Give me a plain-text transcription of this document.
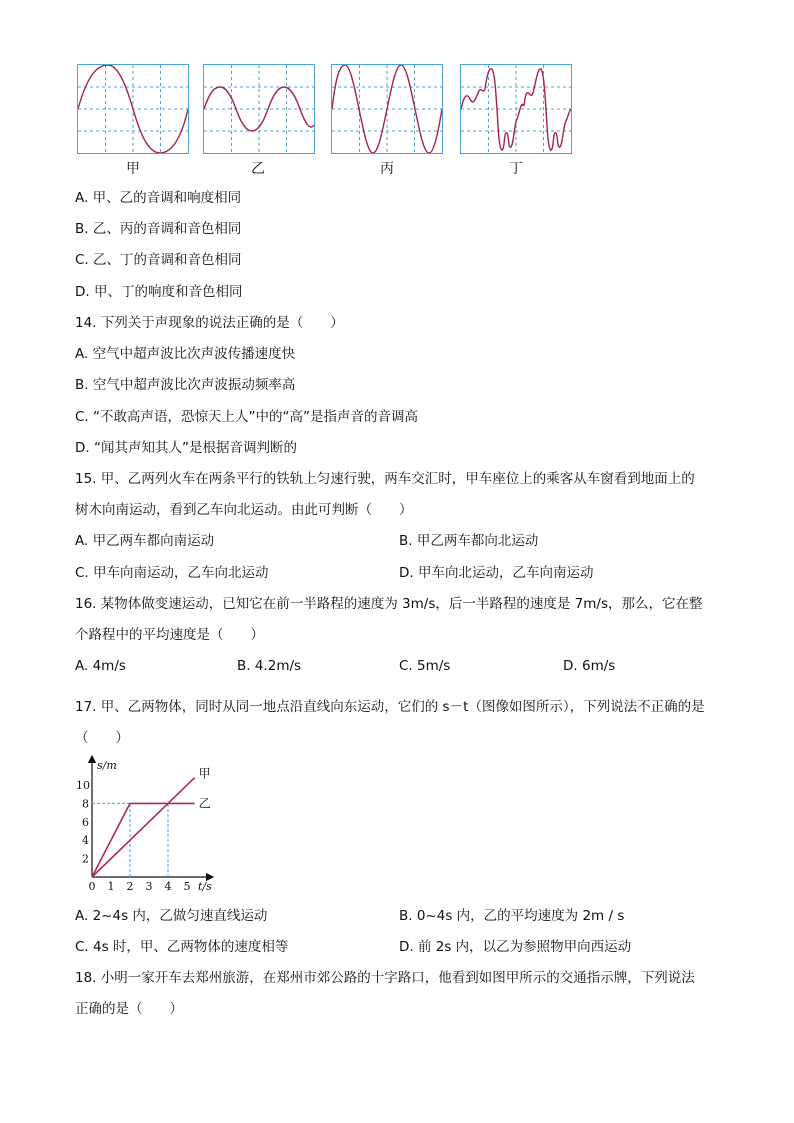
甲	乙	丙	丁
A. 甲、乙的音调和响度相同
B. 乙、丙的音调和音色相同
C. 乙、丁的音调和音色相同
D. 甲、丁的响度和音色相同
14. 下列关于声现象的说法正确的是（　　）
A. 空气中超声波比次声波传播速度快
B. 空气中超声波比次声波振动频率高
C. “不敢高声语，恐惊天上人”中的“高”是指声音的音调高
D. “闻其声知其人”是根据音调判断的
15. 甲、乙两列火车在两条平行的铁轨上匀速行驶，两车交汇时，甲车座位上的乘客从车窗看到地面上的
树木向南运动，看到乙车向北运动。由此可判断（　　）
A. 甲乙两车都向南运动	B. 甲乙两车都向北运动
C. 甲车向南运动，乙车向北运动	D. 甲车向北运动，乙车向南运动
16. 某物体做变速运动，已知它在前一半路程的速度为 3m/s，后一半路程的速度是 7m/s，那么，它在整
个路程中的平均速度是（　　）
A. 4m/s	B. 4.2m/s	C. 5m/s	D. 6m/s
17. 甲、乙两物体，同时从同一地点沿直线向东运动，它们的 s－t（图像如图所示），下列说法不正确的是
（　　）
0 1 2 3 4 5
2
4
6
8
10
s/m
t/s
甲
乙
A. 2~4s 内，乙做匀速直线运动	B. 0~4s 内，乙的平均速度为 2m / s
C. 4s 时，甲、乙两物体的速度相等	D. 前 2s 内，以乙为参照物甲向西运动
18. 小明一家开车去郑州旅游，在郑州市郊公路的十字路口，他看到如图甲所示的交通指示牌，下列说法
正确的是（　　）
